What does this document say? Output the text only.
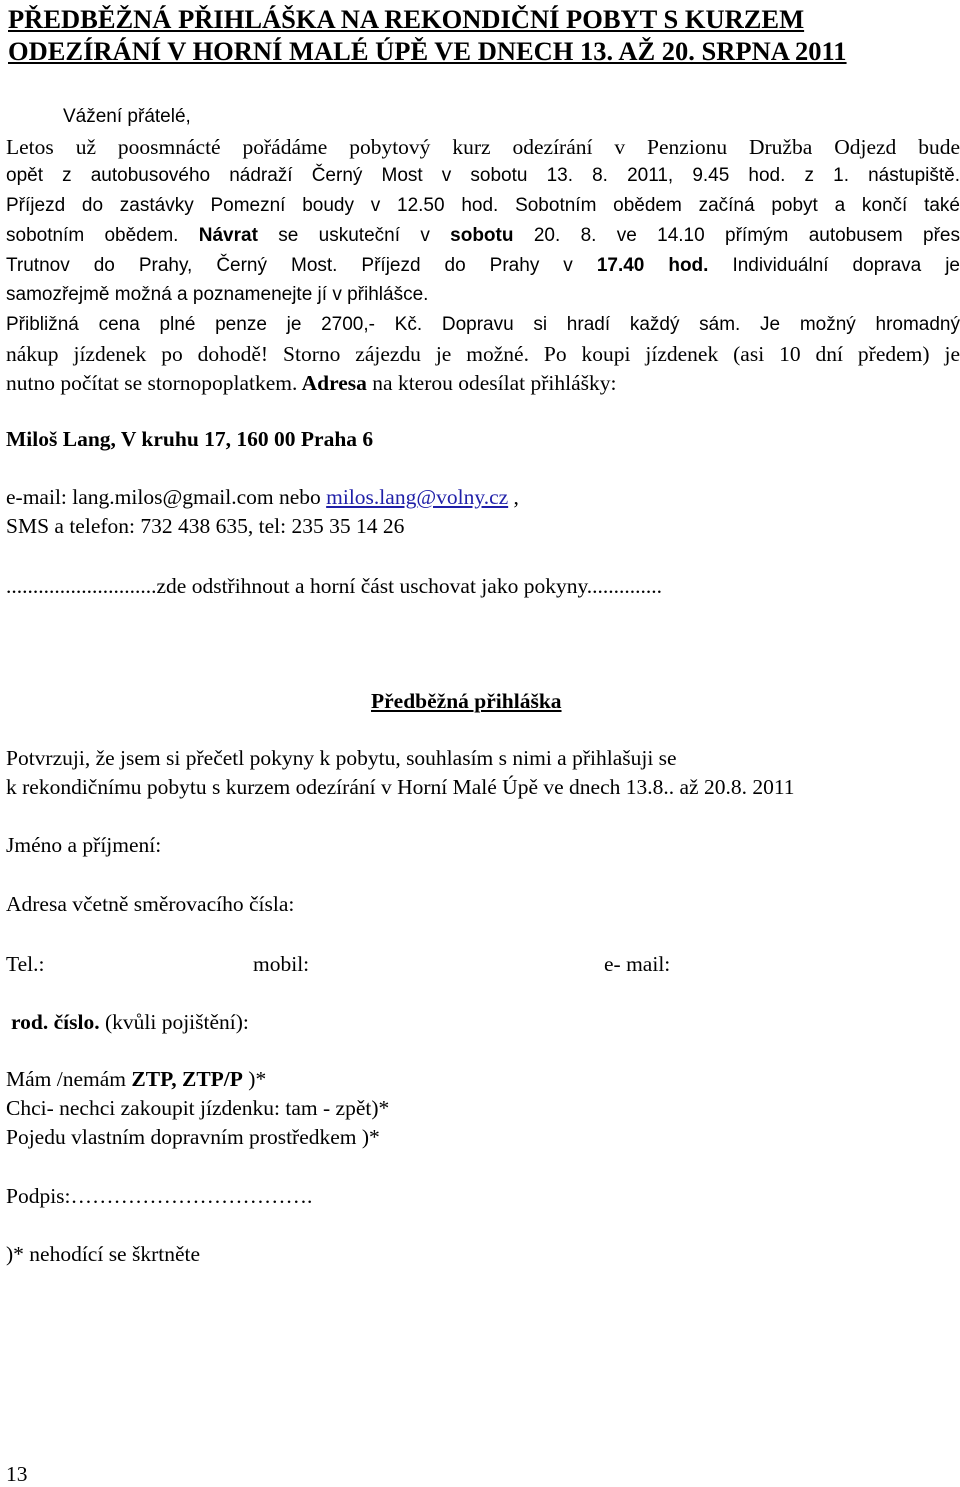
PŘEDBĚŽNÁ PŘIHLÁŠKA NA REKONDIČNÍ POBYT S KURZEM
ODEZÍRÁNÍ V HORNÍ MALÉ ÚPĚ VE DNECH 13. AŽ 20. SRPNA 2011
Vážení přátelé,
Letos už poosmnácté pořádáme pobytový kurz odezírání v Penzionu Družba Odjezd bude
opět z autobusového nádraží Černý Most v sobotu 13. 8. 2011, 9.45 hod. z 1. nástupiště.
Příjezd do zastávky Pomezní boudy v 12.50 hod. Sobotním obědem začíná pobyt a končí také
sobotním obědem. Návrat se uskuteční v sobotu 20. 8. ve 14.10 přímým autobusem přes
Trutnov do Prahy, Černý Most. Příjezd do Prahy v 17.40 hod. Individuální doprava je
samozřejmě možná a poznamenejte jí v přihlášce.
Přibližná cena plné penze je 2700,- Kč. Dopravu si hradí každý sám. Je možný hromadný
nákup jízdenek po dohodě! Storno zájezdu je možné. Po koupi jízdenek (asi 10 dní předem) je
nutno počítat se stornopoplatkem. Adresa na kterou odesílat přihlášky:
Miloš Lang, V kruhu 17, 160 00 Praha 6
e-mail: lang.milos@gmail.com nebo milos.lang@volny.cz ,
SMS a telefon: 732 438 635, tel: 235 35 14 26
............................zde odstřihnout a horní část uschovat jako pokyny..............
Předběžná přihláška
Potvrzuji, že jsem si přečetl pokyny k pobytu, souhlasím s nimi a přihlašuji se
k rekondičnímu pobytu s kurzem odezírání v Horní Malé Úpě ve dnech 13.8.. až 20.8. 2011
Jméno a příjmení:
Adresa včetně směrovacího čísla:
Tel.:	mobil:	e- mail:
rod. číslo. (kvůli pojištění):
Mám /nemám ZTP, ZTP/P )*
Chci- nechci zakoupit jízdenku: tam - zpět)*
Pojedu vlastním dopravním prostředkem )*
Podpis:…………………………….
)* nehodící se škrtněte
13
